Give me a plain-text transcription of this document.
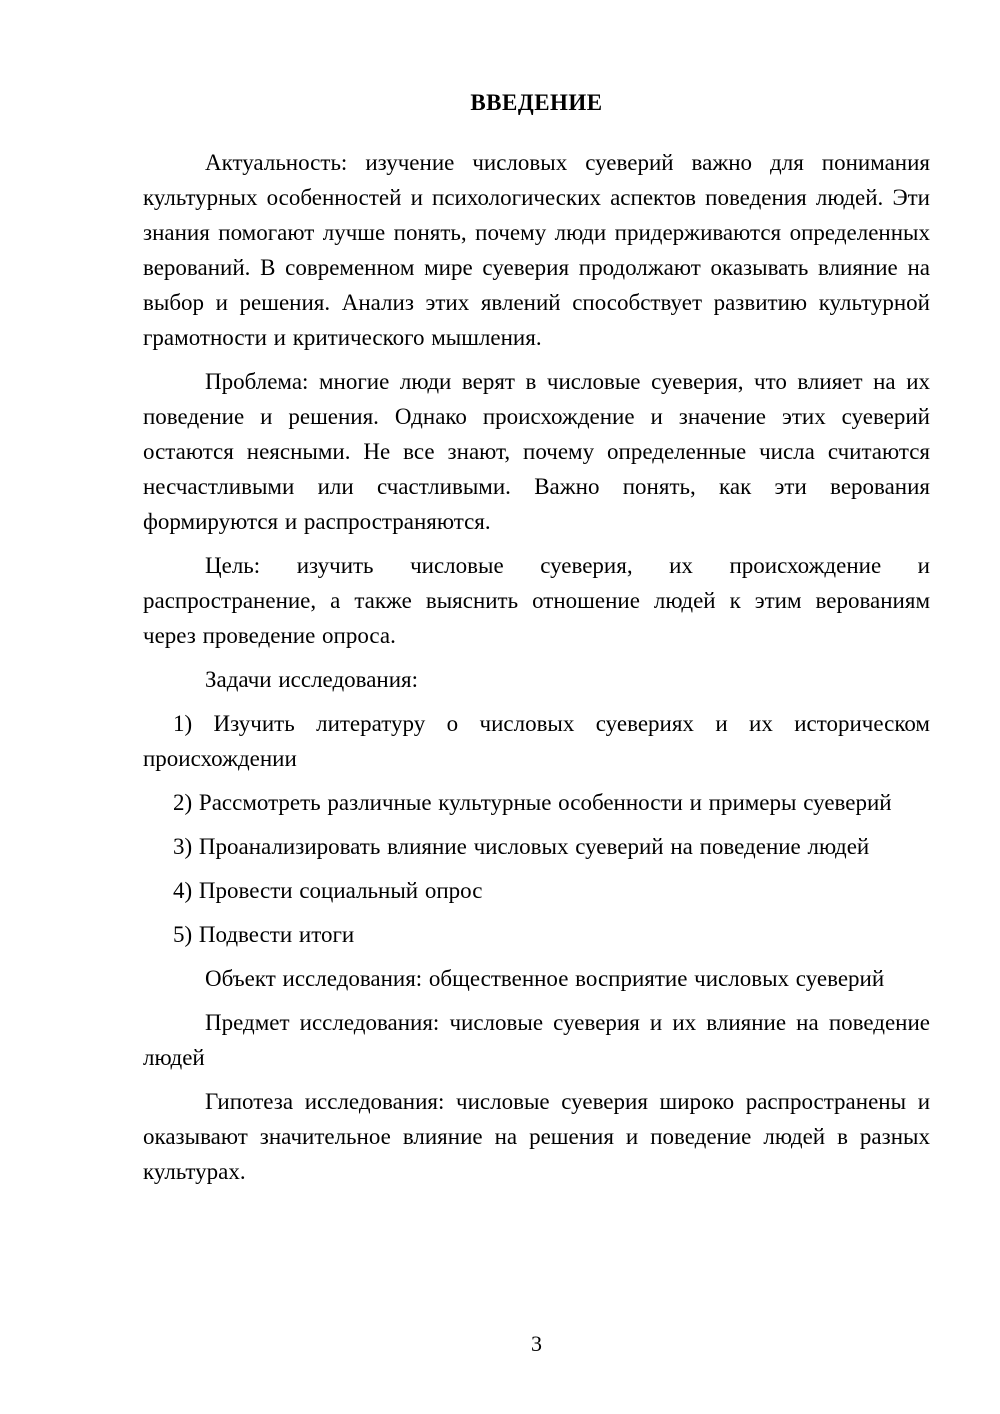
ВВЕДЕНИЕ

Актуальность: изучение числовых суеверий важно для понимания культурных особенностей и психологических аспектов поведения людей. Эти знания помогают лучше понять, почему люди придерживаются определенных верований. В современном мире суеверия продолжают оказывать влияние на выбор и решения. Анализ этих явлений способствует развитию культурной грамотности и критического мышления.

Проблема: многие люди верят в числовые суеверия, что влияет на их поведение и решения. Однако происхождение и значение этих суеверий остаются неясными. Не все знают, почему определенные числа считаются несчастливыми или счастливыми. Важно понять, как эти верования формируются и распространяются.

Цель: изучить числовые суеверия, их происхождение и распространение, а также выяснить отношение людей к этим верованиям через проведение опроса.

Задачи исследования:

1) Изучить литературу о числовых суевериях и их историческом происхождении

2) Рассмотреть различные культурные особенности и примеры суеверий

3) Проанализировать влияние числовых суеверий на поведение людей

4) Провести социальный опрос

5) Подвести итоги

Объект исследования: общественное восприятие числовых суеверий

Предмет исследования: числовые суеверия и их влияние на поведение людей

Гипотеза исследования: числовые суеверия широко распространены и оказывают значительное влияние на решения и поведение людей в разных культурах.

3
